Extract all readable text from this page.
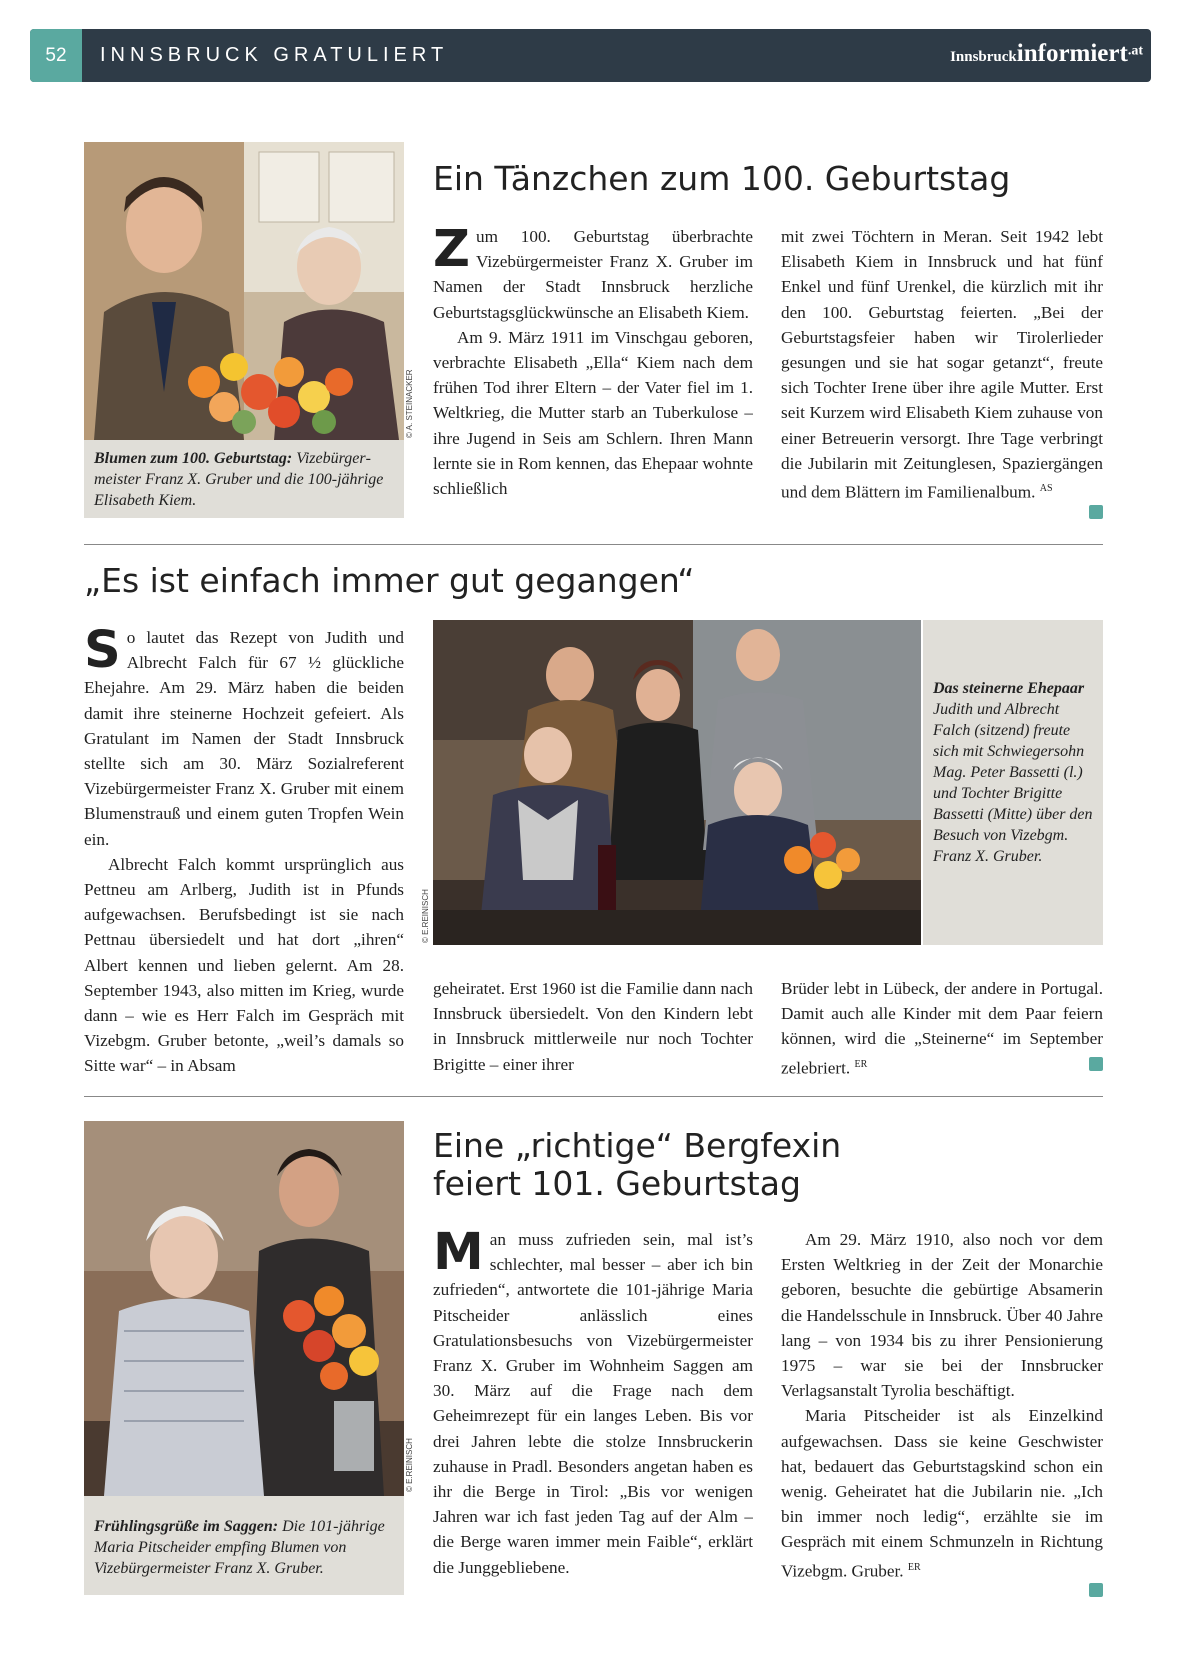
52	INNSBRUCK GRATULIERT	Innsbruckinformiert.at
© A. STEINACKER
Blumen zum 100. Geburtstag: Vizebürgermeister Franz X. Gruber und die 100-jährige Elisabeth Kiem.
Ein Tänzchen zum 100. Geburtstag

Zum 100. Geburtstag überbrachte Vizebürgermeister Franz X. Gruber im Namen der Stadt Innsbruck herzliche Geburtstagsglückwünsche an Elisabeth Kiem.

Am 9. März 1911 im Vinschgau geboren, verbrachte Elisabeth „Ella“ Kiem nach dem frühen Tod ihrer Eltern – der Vater fiel im 1. Weltkrieg, die Mutter starb an Tuberkulose – ihre Jugend in Seis am Schlern. Ihren Mann lernte sie in Rom kennen, das Ehepaar wohnte schließlich

mit zwei Töchtern in Meran. Seit 1942 lebt Elisabeth Kiem in Innsbruck und hat fünf Enkel und fünf Urenkel, die kürzlich mit ihr den 100. Geburtstag feierten. „Bei der Geburtstagsfeier haben wir Tirolerlieder gesungen und sie hat sogar getanzt“, freute sich Tochter Irene über ihre agile Mutter. Erst seit Kurzem wird Elisabeth Kiem zuhause von einer Betreuerin versorgt. Ihre Tage verbringt die Jubilarin mit Zeitunglesen, Spaziergängen und dem Blättern im Familienalbum. $^{AS}$

„Es ist einfach immer gut gegangen“

So lautet das Rezept von Judith und Albrecht Falch für 67 ½ glückliche Ehejahre. Am 29. März haben die beiden damit ihre steinerne Hochzeit gefeiert. Als Gratulant im Namen der Stadt Innsbruck stellte sich am 30. März Sozialreferent Vizebürgermeister Franz X. Gruber mit einem Blumenstrauß und einem guten Tropfen Wein ein.

Albrecht Falch kommt ursprünglich aus Pettneu am Arlberg, Judith ist in Pfunds aufgewachsen. Berufsbedingt ist sie nach Pettnau übersiedelt und hat dort „ihren“ Albert kennen und lieben gelernt. Am 28. September 1943, also mitten im Krieg, wurde dann – wie es Herr Falch im Gespräch mit Vizebgm. Gruber betonte, „weil’s damals so Sitte war“ – in Absam

© E.REINISCH
Das steinerne Ehepaar Judith und Albrecht Falch (sitzend) freute sich mit Schwiegersohn Mag. Peter Bassetti (l.) und Tochter Brigitte Bassetti (Mitte) über den Besuch von Vizebgm. Franz X. Gruber.

geheiratet. Erst 1960 ist die Familie dann nach Innsbruck übersiedelt. Von den Kindern lebt in Innsbruck mittlerweile nur noch Tochter Brigitte – einer ihrer

Brüder lebt in Lübeck, der andere in Portugal. Damit auch alle Kinder mit dem Paar feiern können, wird die „Steinerne“ im September zelebriert. $^{ER}$

© E.REINISCH
Frühlingsgrüße im Saggen: Die 101-jährige Maria Pitscheider empfing Blumen von Vizebürgermeister Franz X. Gruber.
Eine „richtige“ Bergfexin
feiert 101. Geburtstag

Man muss zufrieden sein, mal ist’s schlechter, mal besser – aber ich bin zufrieden“, antwortete die 101-jährige Maria Pitscheider anlässlich eines Gratulationsbesuchs von Vizebürgermeister Franz X. Gruber im Wohnheim Saggen am 30. März auf die Frage nach dem Geheimrezept für ein langes Leben. Bis vor drei Jahren lebte die stolze Innsbruckerin zuhause in Pradl. Besonders angetan haben es ihr die Berge in Tirol: „Bis vor wenigen Jahren war ich fast jeden Tag auf der Alm – die Berge waren immer mein Faible“, erklärt die Junggebliebene.

Am 29. März 1910, also noch vor dem Ersten Weltkrieg in der Zeit der Monarchie geboren, besuchte die gebürtige Absamerin die Handelsschule in Innsbruck. Über 40 Jahre lang – von 1934 bis zu ihrer Pensionierung 1975 – war sie bei der Innsbrucker Verlagsanstalt Tyrolia beschäftigt.

Maria Pitscheider ist als Einzelkind aufgewachsen. Dass sie keine Geschwister hat, bedauert das Geburtstagskind schon ein wenig. Geheiratet hat die Jubilarin nie. „Ich bin immer noch ledig“, erzählte sie im Gespräch mit einem Schmunzeln in Richtung Vizebgm. Gruber. $^{ER}$
